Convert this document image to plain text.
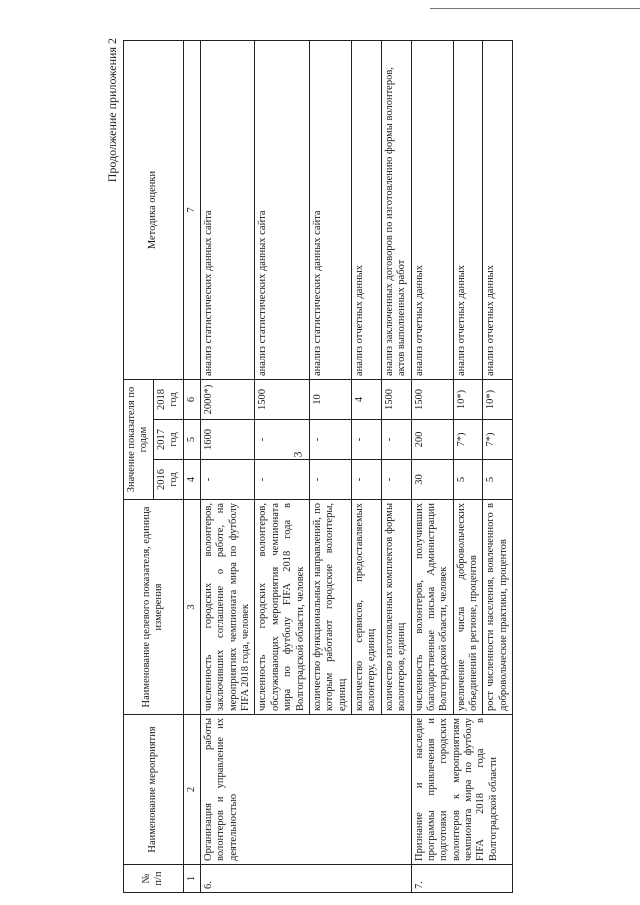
3
Продолжение приложения 2
№ п/п	Наименование мероприятия	Наименование целевого показателя, единица измерения	Значение показателя по годам			Методика оценки
			2016 год	2017 год	2018 год	
1	2	3	4	5	6	7
6.	Организация работы волонтеров и управление их деятельностью	численность городских волонтеров, заключивших соглашение о работе, на мероприятиях чемпионата мира по футболу FIFA 2018 года, человек	-	1600	2000*)	анализ статистических данных сайта
		численность городских волонтеров, обслуживающих мероприятия чемпионата мира по футболу FIFA 2018 года в Волгоградской области, человек	-	-	1500	анализ статистических данных сайта
		количество функциональных направлений, по которым работают городские волонтеры, единиц	-	-	10	анализ статистических данных сайта
		количество сервисов, предоставляемых волонтеру, единиц	-	-	4	анализ отчетных данных
		количество изготовленных комплектов формы волонтеров, единиц	-	-	1500	анализ заключенных договоров по изготовлению формы волонтеров, актов выполненных работ
7.	Признание и наследие программы привлечения и подготовки городских волонтеров к мероприятиям чемпионата мира по футболу FIFA 2018 года в Волгоградской области	численность волонтеров, получивших благодарственные письма Администрации Волгоградской области, человек	30	200	1500	анализ отчетных данных
		увеличение числа добровольческих объединений в регионе, процентов	5	7*)	10*)	анализ отчетных данных
		рост численности населения, вовлеченного в добровольческие практики, процентов	5	7*)	10*)	анализ отчетных данных
